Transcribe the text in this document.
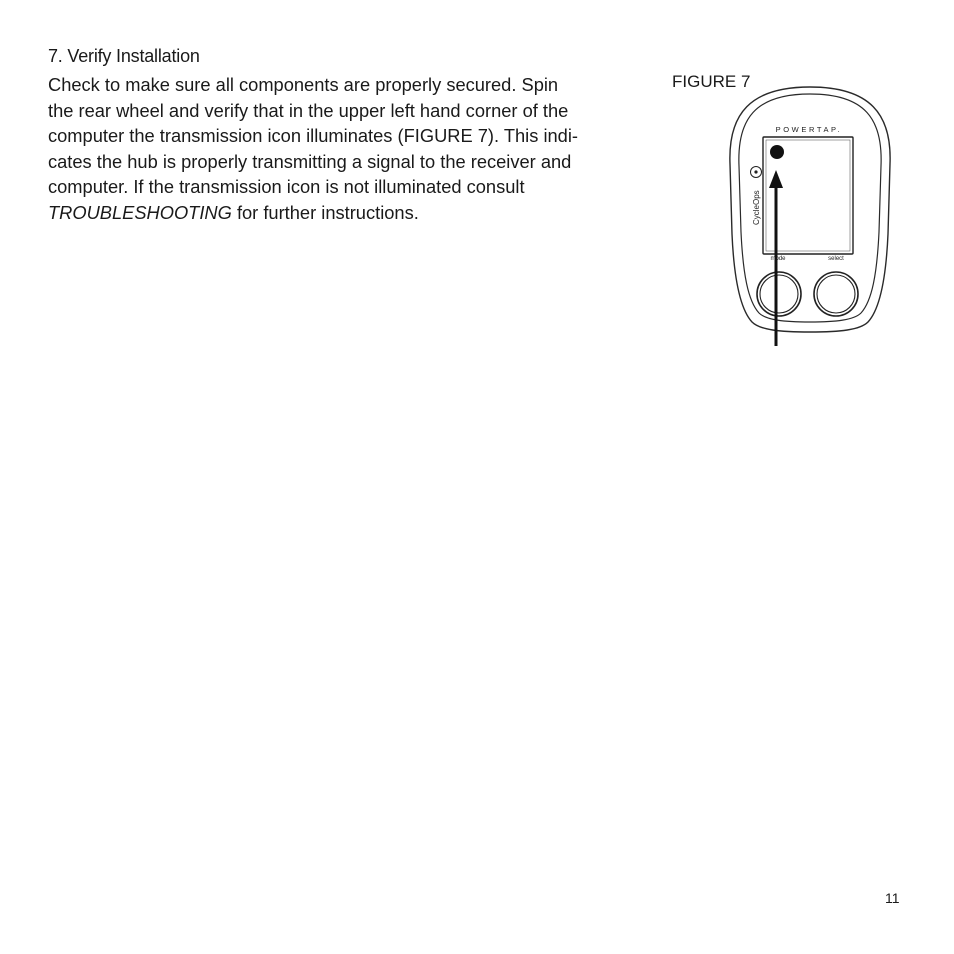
7. Verify Installation

Check to make sure all components are properly secured. Spin
the rear wheel and verify that in the upper left hand corner of the
computer the transmission icon illuminates (FIGURE 7). This indi-
cates the hub is properly transmitting a signal to the receiver and
computer. If the transmission icon is not illuminated consult
TROUBLESHOOTING for further instructions.

FIGURE 7
POWERTAP.
CycleOps
mode	select
11
